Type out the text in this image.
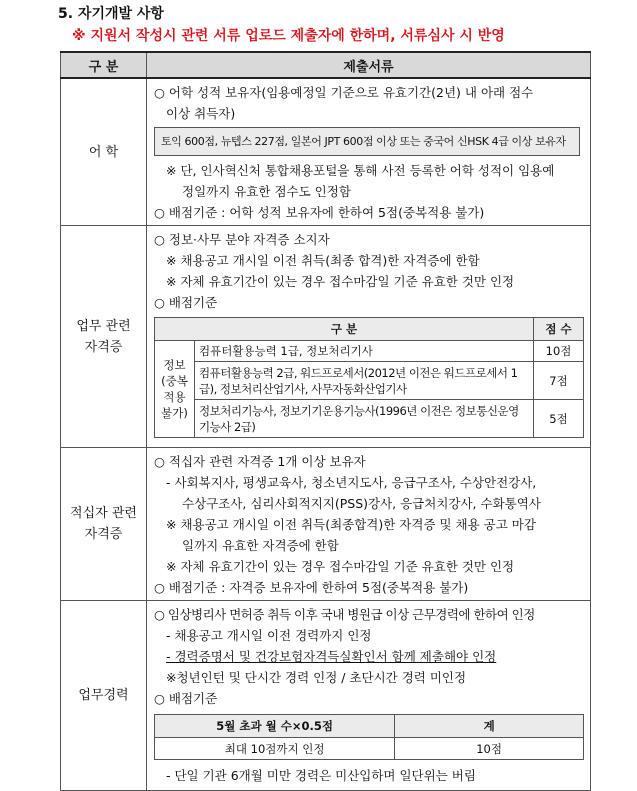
5. 자기개발 사항
※ 지원서 작성시 관련 서류 업로드 제출자에 한하며, 서류심사 시 반영
구 분	제출서류
어 학	
○ 어학 성적 보유자(임용예정일 기준으로 유효기간(2년) 내 아래 점수
이상 취득자)
토익 600점, 뉴텝스 227점, 일본어 JPT 600점 이상 또는 중국어 신HSK 4급 이상 보유자
※ 단, 인사혁신처 통합채용포털을 통해 사전 등록한 어학 성적이 임용예
정일까지 유효한 점수도 인정함
○ 배점기준 : 어학 성적 보유자에 한하여 5점(중복적용 불가)

업무 관련
자격증

○ 정보·사무 분야 자격증 소지자
※ 채용공고 개시일 이전 취득(최종 합격)한 자격증에 한함
※ 자체 유효기간이 있는 경우 접수마감일 기준 유효한 것만 인정
○ 배점기준
구 분	점 수
정보 (중복적용 불가)	컴퓨터활용능력 1급, 정보처리기사	10점
컴퓨터활용능력 2급, 워드프로세서(2012년 이전은 워드프로세서 1급), 정보처리산업기사, 사무자동화산업기사	7점
정보처리기능사, 정보기기운용기능사(1996년 이전은 정보통신운영기능사 2급)	5점

적십자 관련
자격증

○ 적십자 관련 자격증 1개 이상 보유자
- 사회복지사, 평생교육사, 청소년지도사, 응급구조사, 수상안전강사,
수상구조사, 심리사회적지지(PSS)강사, 응급처치강사, 수화통역사
※ 채용공고 개시일 이전 취득(최종합격)한 자격증 및 채용 공고 마감
일까지 유효한 자격증에 한함
※ 자체 유효기간이 있는 경우 접수마감일 기준 유효한 것만 인정
○ 배점기준 : 자격증 보유자에 한하여 5점(중복적용 불가)

업무경력	
○ 임상병리사 면허증 취득 이후 국내 병원급 이상 근무경력에 한하여 인정
- 채용공고 개시일 이전 경력까지 인정
- 경력증명서 및 건강보험자격득실확인서 함께 제출해야 인정
※청년인턴 및 단시간 경력 인정 / 초단시간 경력 미인정
○ 배점기준
5월 초과 월 수×0.5점	계
최대 10점까지 인정	10점
- 단일 기관 6개월 미만 경력은 미산입하며 일단위는 버림
